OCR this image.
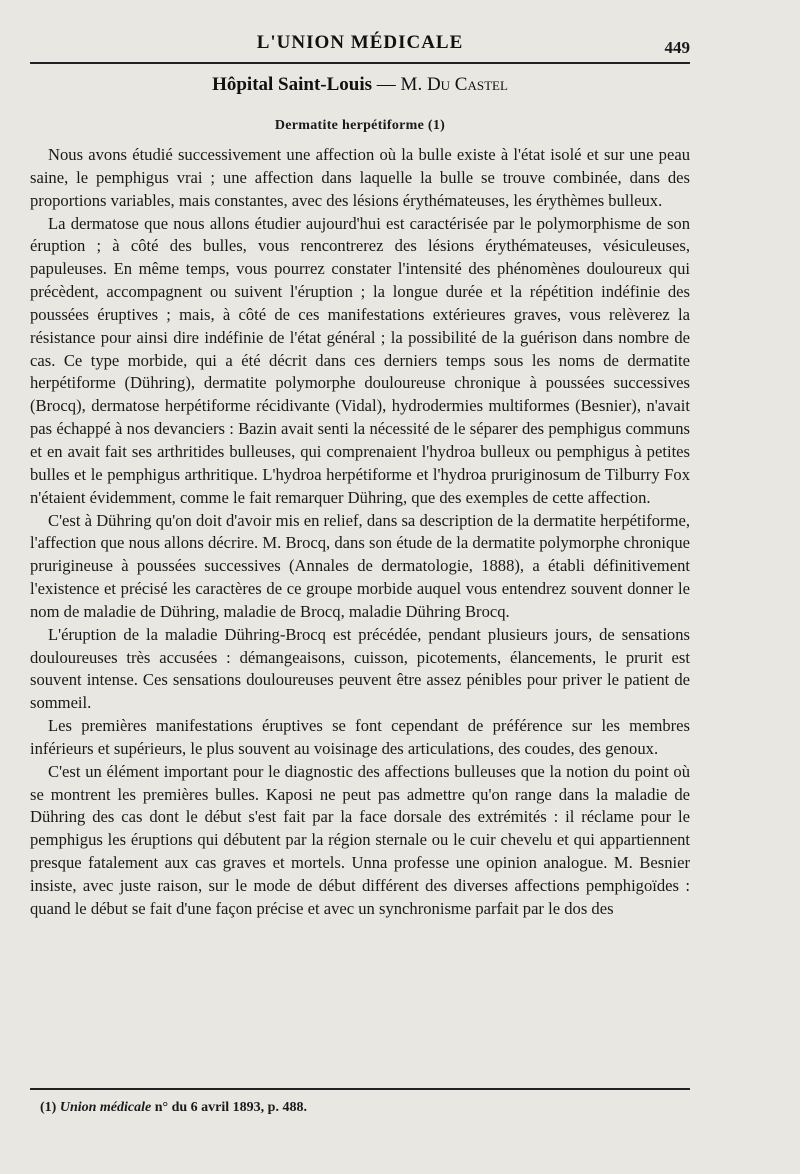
L'UNION MÉDICALE	449
Hôpital Saint-Louis — M. Du Castel
Dermatite herpétiforme (1)

Nous avons étudié successivement une affection où la bulle existe à l'état isolé et sur une peau saine, le pemphigus vrai ; une affection dans laquelle la bulle se trouve combinée, dans des proportions variables, mais constantes, avec des lésions érythémateuses, les érythèmes bulleux.

La dermatose que nous allons étudier aujourd'hui est caractérisée par le polymorphisme de son éruption ; à côté des bulles, vous rencontrerez des lésions érythémateuses, vésiculeuses, papuleuses. En même temps, vous pourrez constater l'intensité des phénomènes douloureux qui précèdent, accompagnent ou suivent l'éruption ; la longue durée et la répétition indéfinie des poussées éruptives ; mais, à côté de ces manifestations extérieures graves, vous relèverez la résistance pour ainsi dire indéfinie de l'état général ; la possibilité de la guérison dans nombre de cas. Ce type morbide, qui a été décrit dans ces derniers temps sous les noms de dermatite herpétiforme (Dühring), dermatite polymorphe douloureuse chronique à poussées successives (Brocq), dermatose herpétiforme récidivante (Vidal), hydrodermies multiformes (Besnier), n'avait pas échappé à nos devanciers : Bazin avait senti la nécessité de le séparer des pemphigus communs et en avait fait ses arthritides bulleuses, qui comprenaient l'hydroa bulleux ou pemphigus à petites bulles et le pemphigus arthritique. L'hydroa herpétiforme et l'hydroa pruriginosum de Tilburry Fox n'étaient évidemment, comme le fait remarquer Dühring, que des exemples de cette affection.

C'est à Dühring qu'on doit d'avoir mis en relief, dans sa description de la dermatite herpétiforme, l'affection que nous allons décrire. M. Brocq, dans son étude de la dermatite polymorphe chronique prurigineuse à poussées successives (Annales de dermatologie, 1888), a établi définitivement l'existence et précisé les caractères de ce groupe morbide auquel vous entendrez souvent donner le nom de maladie de Dühring, maladie de Brocq, maladie Dühring Brocq.

L'éruption de la maladie Dühring-Brocq est précédée, pendant plusieurs jours, de sensations douloureuses très accusées : démangeaisons, cuisson, picotements, élancements, le prurit est souvent intense. Ces sensations douloureuses peuvent être assez pénibles pour priver le patient de sommeil.

Les premières manifestations éruptives se font cependant de préférence sur les membres inférieurs et supérieurs, le plus souvent au voisinage des articulations, des coudes, des genoux.

C'est un élément important pour le diagnostic des affections bulleuses que la notion du point où se montrent les premières bulles. Kaposi ne peut pas admettre qu'on range dans la maladie de Dühring des cas dont le début s'est fait par la face dorsale des extrémités : il réclame pour le pemphigus les éruptions qui débutent par la région sternale ou le cuir chevelu et qui appartiennent presque fatalement aux cas graves et mortels. Unna professe une opinion analogue. M. Besnier insiste, avec juste raison, sur le mode de début différent des diverses affections pemphigoïdes : quand le début se fait d'une façon précise et avec un synchronisme parfait par le dos des

(1) Union médicale n° du 6 avril 1893, p. 488.
